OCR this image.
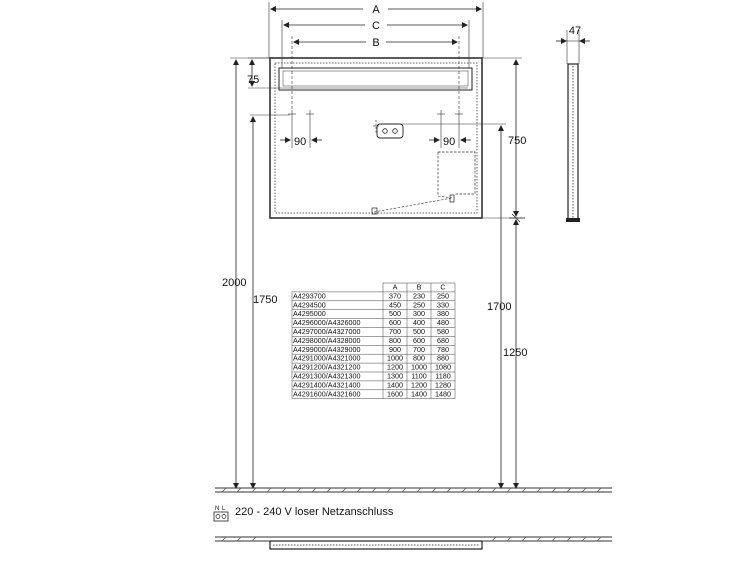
A
C
B
47
75
2000
1750
90	90	750
1700
1250
A	B	C
A4293700	370 230 250
A4294500	450 250 330
A4295000	500 300 380
A4296000/A4326000	600 400 480
A4297000/A4327000	700 500 580
A4298000/A4328000	800 600 680
A4299000/A4329000	900 700 780
A4291000/A4321000	1000 800 880
A4291200/A4321200	1200 1000 1080
A4291300/A4321300	1300 1100 1180
A4291400/A4321400	1400 1200 1280
A4291600/A4321600	1600 1400 1480
N L 220 - 240 V loser Netzanschluss
